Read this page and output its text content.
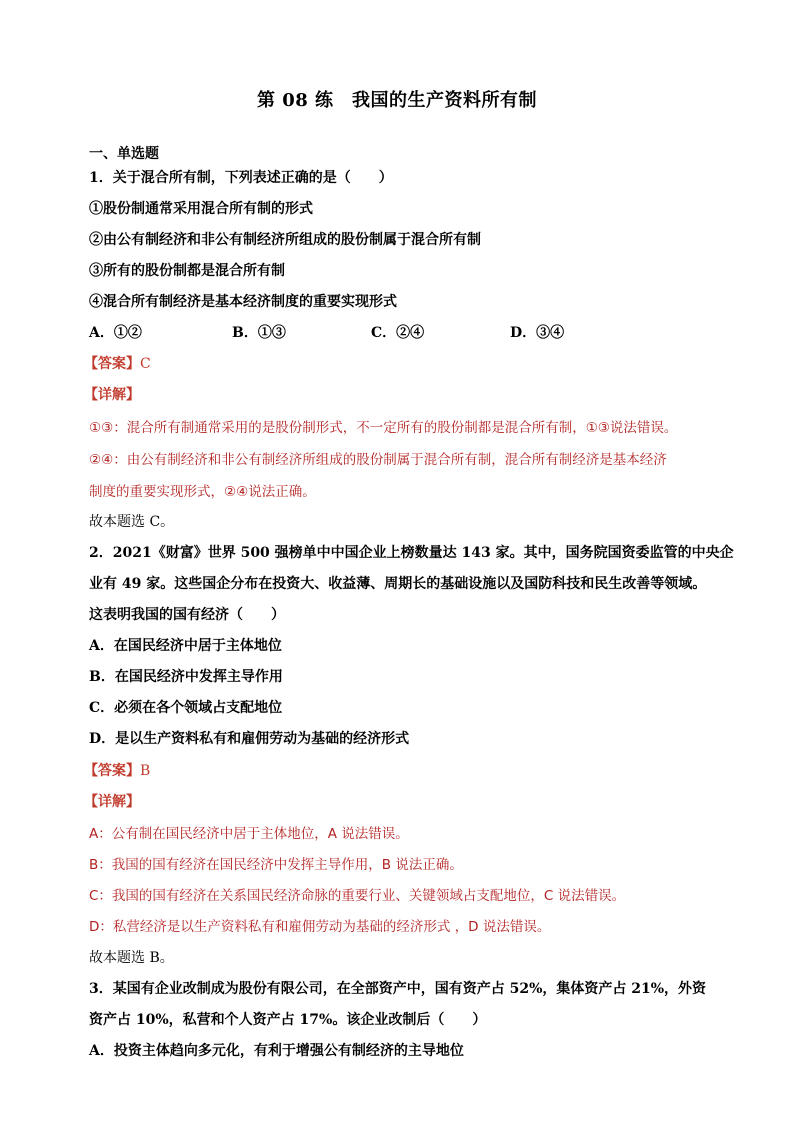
第 08 练　我国的生产资料所有制
一、单选题
1．关于混合所有制，下列表述正确的是（　　）
①股份制通常采用混合所有制的形式
②由公有制经济和非公有制经济所组成的股份制属于混合所有制
③所有的股份制都是混合所有制
④混合所有制经济是基本经济制度的重要实现形式
A．①②	B．①③	C．②④	D．③④
【答案】C
【详解】
①③：混合所有制通常采用的是股份制形式，不一定所有的股份制都是混合所有制，①③说法错误。
②④：由公有制经济和非公有制经济所组成的股份制属于混合所有制，混合所有制经济是基本经济
制度的重要实现形式，②④说法正确。
故本题选 C。
2．2021《财富》世界 500 强榜单中中国企业上榜数量达 143 家。其中，国务院国资委监管的中央企
业有 49 家。这些国企分布在投资大、收益薄、周期长的基础设施以及国防科技和民生改善等领域。
这表明我国的国有经济（　　）
A．在国民经济中居于主体地位
B．在国民经济中发挥主导作用
C．必须在各个领域占支配地位
D．是以生产资料私有和雇佣劳动为基础的经济形式
【答案】B
【详解】
A：公有制在国民经济中居于主体地位，A 说法错误。
B：我国的国有经济在国民经济中发挥主导作用，B 说法正确。
C：我国的国有经济在关系国民经济命脉的重要行业、关键领域占支配地位，C 说法错误。
D：私营经济是以生产资料私有和雇佣劳动为基础的经济形式 ，D 说法错误。
故本题选 B。
3．某国有企业改制成为股份有限公司，在全部资产中，国有资产占 52%，集体资产占 21%，外资
资产占 10%，私营和个人资产占 17%。该企业改制后（　　）
A．投资主体趋向多元化，有利于增强公有制经济的主导地位
